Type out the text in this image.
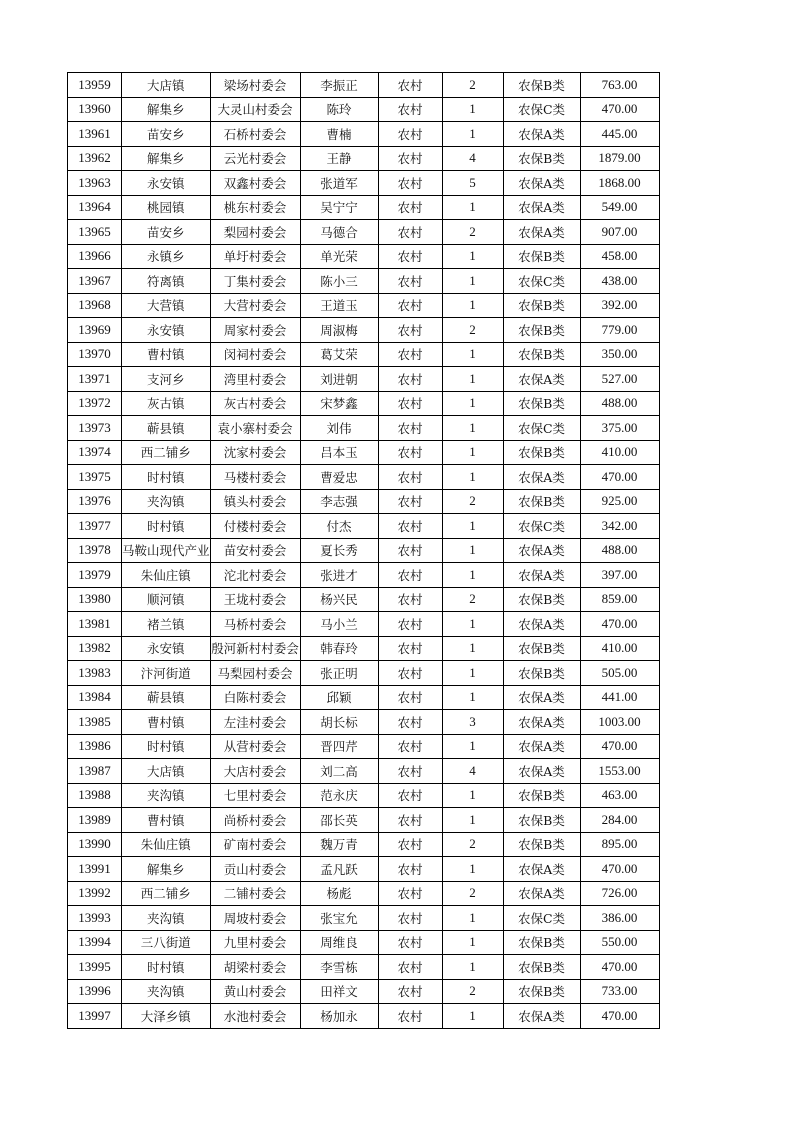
13959	大店镇	梁场村委会	李振正	农村	2	农保B类	763.00
13960	解集乡	大灵山村委会	陈玲	农村	1	农保C类	470.00
13961	苗安乡	石桥村委会	曹楠	农村	1	农保A类	445.00
13962	解集乡	云光村委会	王静	农村	4	农保B类	1879.00
13963	永安镇	双鑫村委会	张道军	农村	5	农保A类	1868.00
13964	桃园镇	桃东村委会	吴宁宁	农村	1	农保A类	549.00
13965	苗安乡	梨园村委会	马德合	农村	2	农保A类	907.00
13966	永镇乡	单圩村委会	单光荣	农村	1	农保B类	458.00
13967	符离镇	丁集村委会	陈小三	农村	1	农保C类	438.00
13968	大营镇	大营村委会	王道玉	农村	1	农保B类	392.00
13969	永安镇	周家村委会	周淑梅	农村	2	农保B类	779.00
13970	曹村镇	闵祠村委会	葛艾荣	农村	1	农保B类	350.00
13971	支河乡	湾里村委会	刘进朝	农村	1	农保A类	527.00
13972	灰古镇	灰古村委会	宋梦鑫	农村	1	农保B类	488.00
13973	蕲县镇	袁小寨村委会	刘伟	农村	1	农保C类	375.00
13974	西二铺乡	沈家村委会	吕本玉	农村	1	农保B类	410.00
13975	时村镇	马楼村委会	曹爱忠	农村	1	农保A类	470.00
13976	夹沟镇	镇头村委会	李志强	农村	2	农保B类	925.00
13977	时村镇	付楼村委会	付杰	农村	1	农保C类	342.00
13978	马鞍山现代产业	苗安村委会	夏长秀	农村	1	农保A类	488.00
13979	朱仙庄镇	沱北村委会	张进才	农村	1	农保A类	397.00
13980	顺河镇	王垅村委会	杨兴民	农村	2	农保B类	859.00
13981	褚兰镇	马桥村委会	马小兰	农村	1	农保A类	470.00
13982	永安镇	殷河新村村委会	韩春玲	农村	1	农保B类	410.00
13983	汴河街道	马梨园村委会	张正明	农村	1	农保B类	505.00
13984	蕲县镇	白陈村委会	邱颖	农村	1	农保A类	441.00
13985	曹村镇	左洼村委会	胡长标	农村	3	农保A类	1003.00
13986	时村镇	从营村委会	晋四芹	农村	1	农保A类	470.00
13987	大店镇	大店村委会	刘二高	农村	4	农保A类	1553.00
13988	夹沟镇	七里村委会	范永庆	农村	1	农保B类	463.00
13989	曹村镇	尚桥村委会	邵长英	农村	1	农保B类	284.00
13990	朱仙庄镇	矿南村委会	魏万青	农村	2	农保B类	895.00
13991	解集乡	贡山村委会	孟凡跃	农村	1	农保A类	470.00
13992	西二铺乡	二铺村委会	杨彪	农村	2	农保A类	726.00
13993	夹沟镇	周坡村委会	张宝允	农村	1	农保C类	386.00
13994	三八街道	九里村委会	周维良	农村	1	农保B类	550.00
13995	时村镇	胡梁村委会	李雪栋	农村	1	农保B类	470.00
13996	夹沟镇	黄山村委会	田祥文	农村	2	农保B类	733.00
13997	大泽乡镇	水池村委会	杨加永	农村	1	农保A类	470.00
